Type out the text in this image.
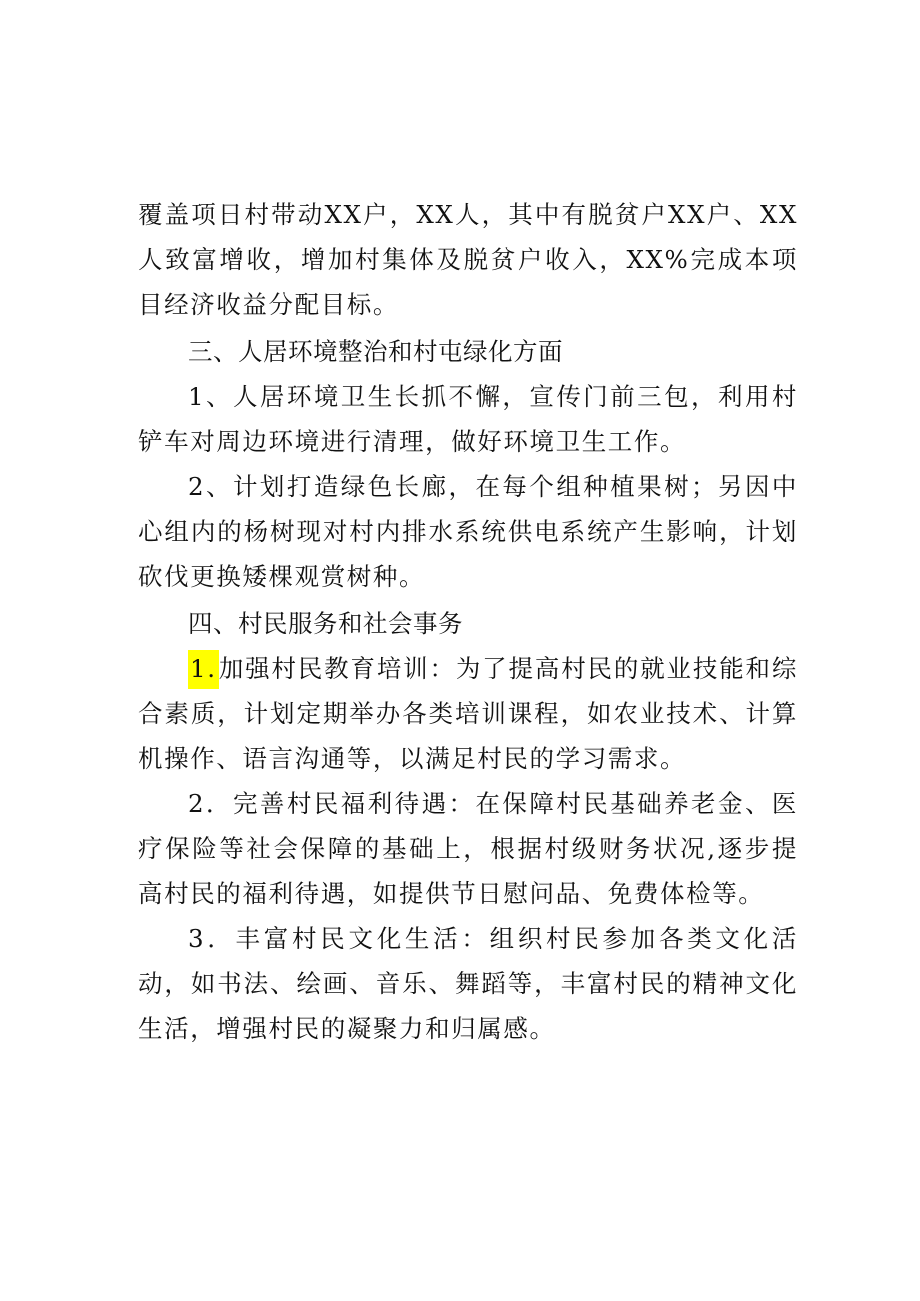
覆盖项日村带动XX户，XX人，其中有脱贫户XX户、XX人致富增收，增加村集体及脱贫户收入，XX%完成本项目经济收益分配目标。

三、人居环境整治和村屯绿化方面

1、人居环境卫生长抓不懈，宣传门前三包，利用村铲车对周边环境进行清理，做好环境卫生工作。

2、计划打造绿色长廊，在每个组种植果树；另因中心组内的杨树现对村内排水系统供电系统产生影响，计划砍伐更换矮棵观赏树种。

四、村民服务和社会事务

1.加强村民教育培训：为了提高村民的就业技能和综合素质，计划定期举办各类培训课程，如农业技术、计算机操作、语言沟通等，以满足村民的学习需求。

2．完善村民福利待遇：在保障村民基础养老金、医疗保险等社会保障的基础上，根据村级财务状况,逐步提高村民的福利待遇，如提供节日慰问品、免费体检等。

3．丰富村民文化生活：组织村民参加各类文化活动，如书法、绘画、音乐、舞蹈等，丰富村民的精神文化生活，增强村民的凝聚力和归属感。
